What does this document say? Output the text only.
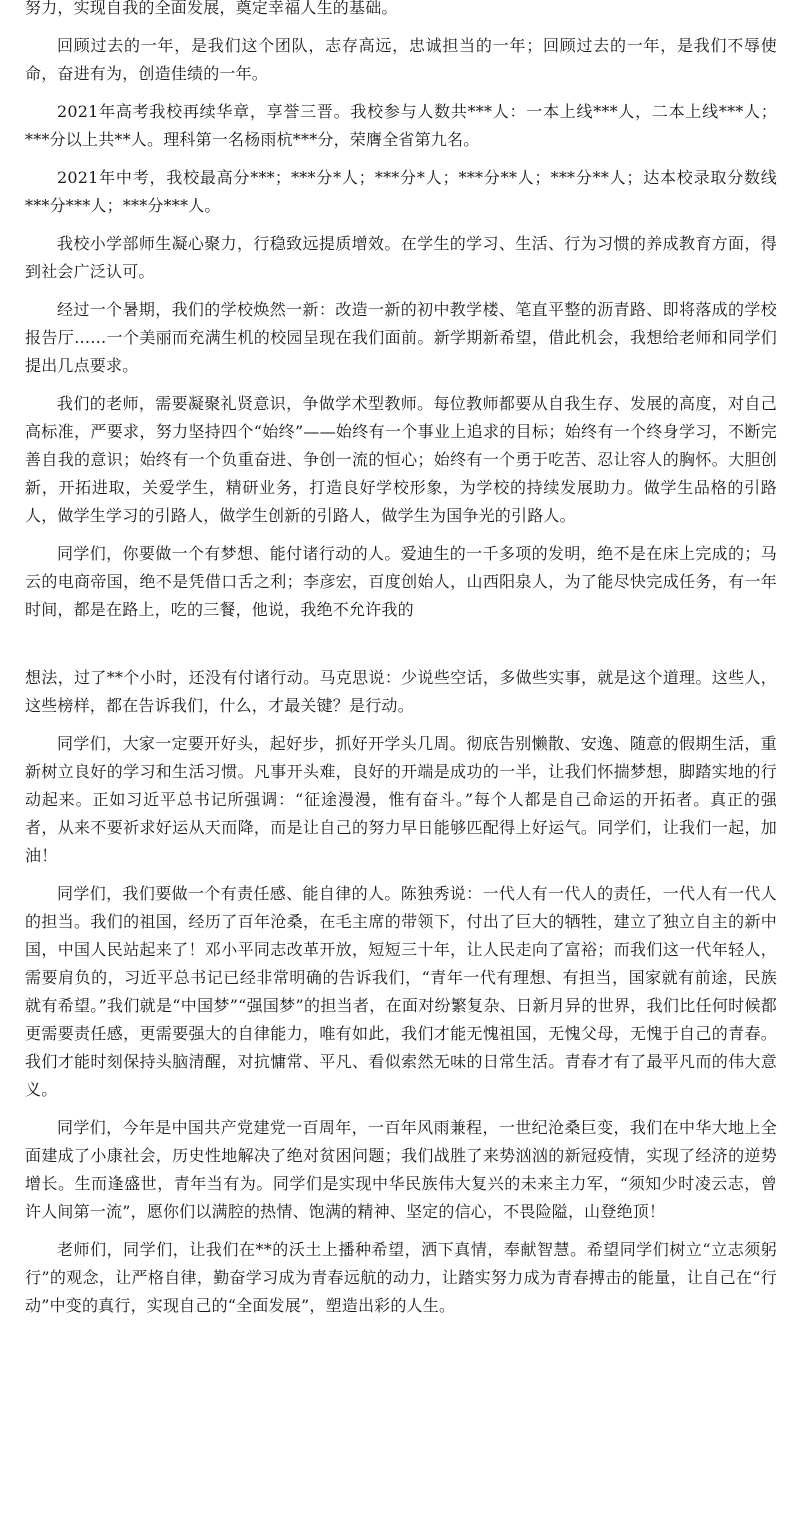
努力，实现自我的全面发展，奠定幸福人生的基础。

回顾过去的一年，是我们这个团队，志存高远，忠诚担当的一年；回顾过去的一年，是我们不辱使命，奋进有为，创造佳绩的一年。

2021年高考我校再续华章，享誉三晋。我校参与人数共***人：一本上线***人，二本上线***人；***分以上共**人。理科第一名杨雨杭***分，荣膺全省第九名。

2021年中考，我校最高分***；***分*人；***分*人；***分**人；***分**人；达本校录取分数线***分***人；***分***人。

我校小学部师生凝心聚力，行稳致远提质增效。在学生的学习、生活、行为习惯的养成教育方面，得到社会广泛认可。

经过一个暑期，我们的学校焕然一新：改造一新的初中教学楼、笔直平整的沥青路、即将落成的学校报告厅……一个美丽而充满生机的校园呈现在我们面前。新学期新希望，借此机会，我想给老师和同学们提出几点要求。

我们的老师，需要凝聚礼贤意识，争做学术型教师。每位教师都要从自我生存、发展的高度，对自己高标准，严要求，努力坚持四个“始终”——始终有一个事业上追求的目标；始终有一个终身学习，不断完善自我的意识；始终有一个负重奋进、争创一流的恒心；始终有一个勇于吃苦、忍让容人的胸怀。大胆创新，开拓进取，关爱学生，精研业务，打造良好学校形象，为学校的持续发展助力。做学生品格的引路人，做学生学习的引路人，做学生创新的引路人，做学生为国争光的引路人。

同学们，你要做一个有梦想、能付诸行动的人。爱迪生的一千多项的发明，绝不是在床上完成的；马云的电商帝国，绝不是凭借口舌之利；李彦宏，百度创始人，山西阳泉人，为了能尽快完成任务，有一年时间，都是在路上，吃的三餐，他说，我绝不允许我的

想法，过了**个小时，还没有付诸行动。马克思说：少说些空话，多做些实事，就是这个道理。这些人，这些榜样，都在告诉我们，什么，才最关键？是行动。

同学们，大家一定要开好头，起好步，抓好开学头几周。彻底告别懒散、安逸、随意的假期生活，重新树立良好的学习和生活习惯。凡事开头难，良好的开端是成功的一半，让我们怀揣梦想，脚踏实地的行动起来。正如习近平总书记所强调：“征途漫漫，惟有奋斗。”每个人都是自己命运的开拓者。真正的强者，从来不要祈求好运从天而降，而是让自己的努力早日能够匹配得上好运气。同学们，让我们一起，加油！

同学们，我们要做一个有责任感、能自律的人。陈独秀说：一代人有一代人的责任，一代人有一代人的担当。我们的祖国，经历了百年沧桑，在毛主席的带领下，付出了巨大的牺牲，建立了独立自主的新中国，中国人民站起来了！邓小平同志改革开放，短短三十年，让人民走向了富裕；而我们这一代年轻人，需要肩负的，习近平总书记已经非常明确的告诉我们，“青年一代有理想、有担当，国家就有前途，民族就有希望。”我们就是“中国梦”“强国梦”的担当者，在面对纷繁复杂、日新月异的世界，我们比任何时候都更需要责任感，更需要强大的自律能力，唯有如此，我们才能无愧祖国，无愧父母，无愧于自己的青春。我们才能时刻保持头脑清醒，对抗慵常、平凡、看似索然无味的日常生活。青春才有了最平凡而的伟大意义。

同学们，今年是中国共产党建党一百周年，一百年风雨兼程，一世纪沧桑巨变，我们在中华大地上全面建成了小康社会，历史性地解决了绝对贫困问题；我们战胜了来势汹汹的新冠疫情，实现了经济的逆势增长。生而逢盛世，青年当有为。同学们是实现中华民族伟大复兴的未来主力军，“须知少时凌云志，曾许人间第一流”，愿你们以满腔的热情、饱满的精神、坚定的信心，不畏险隘，山登绝顶！

老师们，同学们，让我们在**的沃土上播种希望，洒下真情，奉献智慧。希望同学们树立“立志须躬行”的观念，让严格自律，勤奋学习成为青春远航的动力，让踏实努力成为青春搏击的能量，让自己在“行动”中变的真行，实现自己的“全面发展”，塑造出彩的人生。
